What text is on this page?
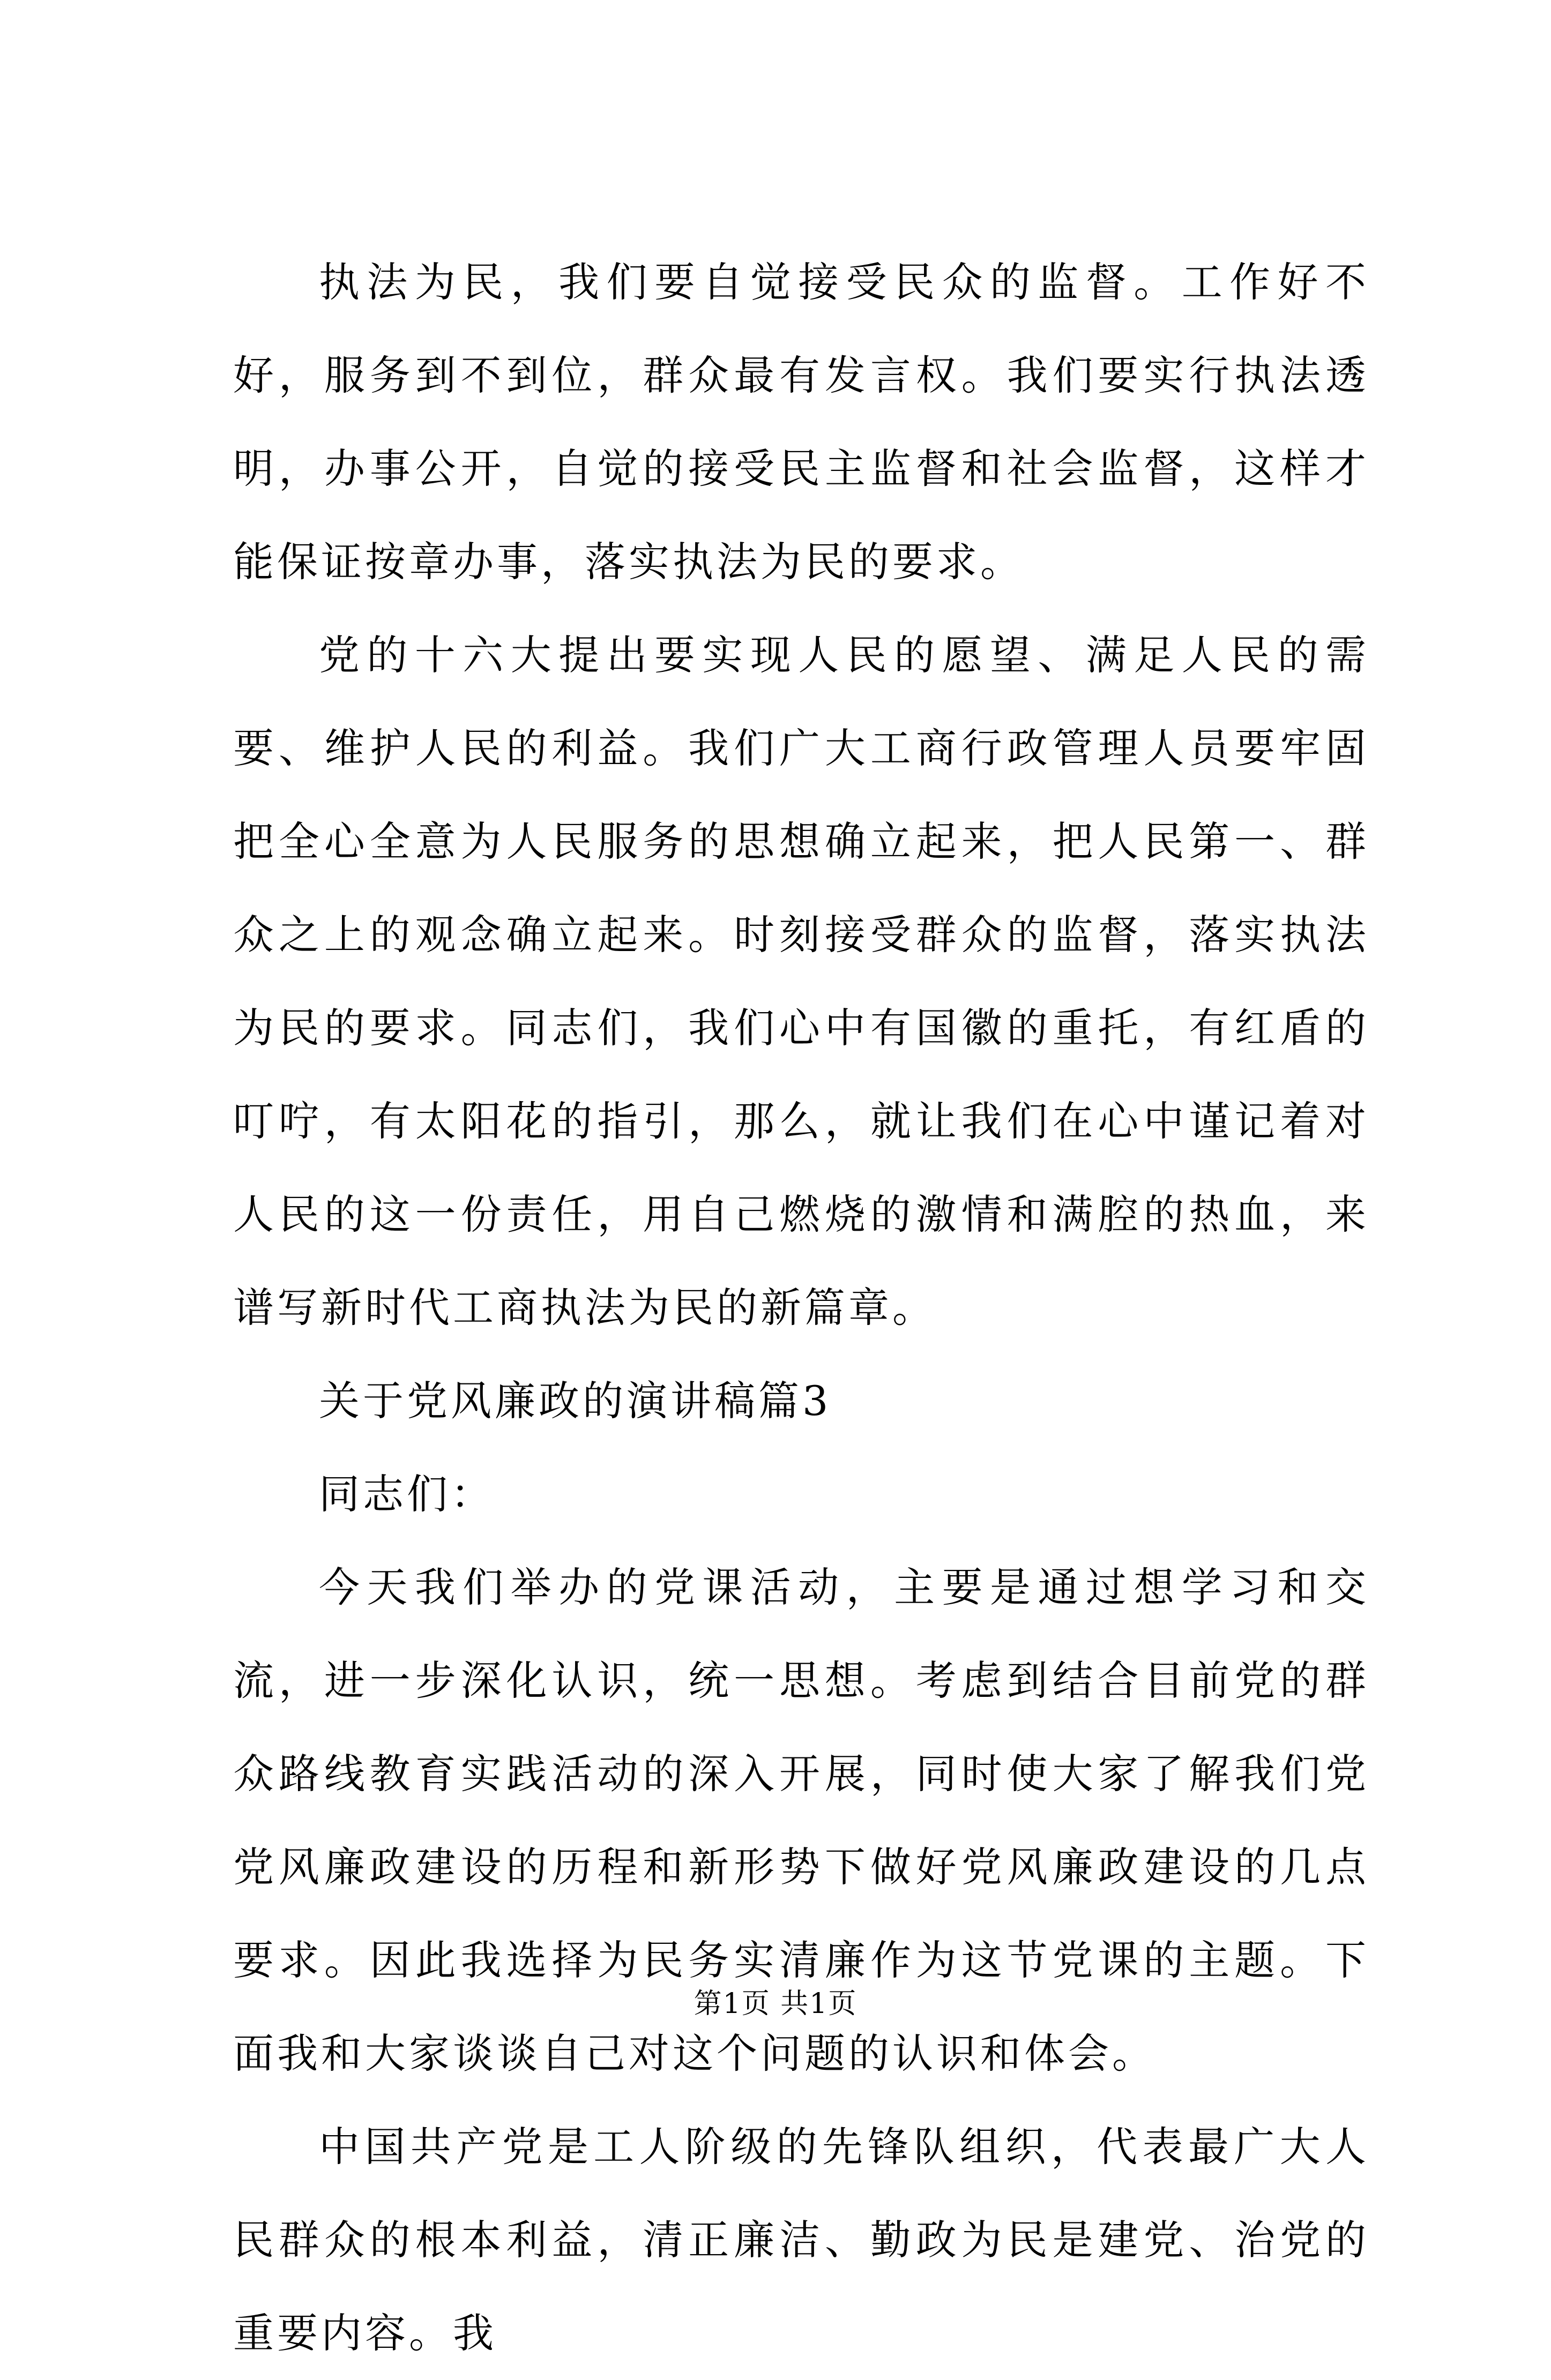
执法为民，我们要自觉接受民众的监督。工作好不好，服务到不到位，群众最有发言权。我们要实行执法透明，办事公开，自觉的接受民主监督和社会监督，这样才能保证按章办事，落实执法为民的要求。

党的十六大提出要实现人民的愿望、满足人民的需要、维护人民的利益。我们广大工商行政管理人员要牢固把全心全意为人民服务的思想确立起来，把人民第一、群众之上的观念确立起来。时刻接受群众的监督，落实执法为民的要求。同志们，我们心中有国徽的重托，有红盾的叮咛，有太阳花的指引，那么，就让我们在心中谨记着对人民的这一份责任，用自己燃烧的激情和满腔的热血，来谱写新时代工商执法为民的新篇章。

关于党风廉政的演讲稿篇3

同志们：

今天我们举办的党课活动，主要是通过想学习和交流，进一步深化认识，统一思想。考虑到结合目前党的群众路线教育实践活动的深入开展，同时使大家了解我们党党风廉政建设的历程和新形势下做好党风廉政建设的几点要求。因此我选择为民务实清廉作为这节党课的主题。下面我和大家谈谈自己对这个问题的认识和体会。

中国共产党是工人阶级的先锋队组织，代表最广大人民群众的根本利益，清正廉洁、勤政为民是建党、治党的重要内容。我

第1页 共1页
